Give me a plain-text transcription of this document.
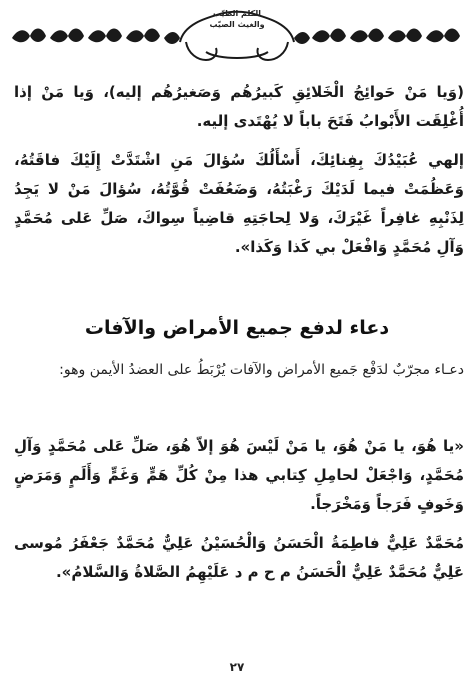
الكلم الطيّب
والغيث الصيّب

(وَيا مَنْ حَوائِجُ الْخَلائِقِ كَبيرُهُم وَصَغيرُهُم إليه)، وَيا مَنْ إذا أُغْلِقَت الأَبْوابُ فَتَحَ باباً لا يُهْتَدى إليه.

إلهي عُبَيْدُكَ بِفِنائِكَ، أَسْأَلُكَ سُؤالَ مَنِ اشْتَدَّتْ إِلَيْكَ فاقَتُهُ، وَعَظُمَتْ فيما لَدَيْكَ رَغْبَتُهُ، وَضَعُفَتْ قُوَّتُهُ، سُؤالَ مَنْ لا يَجِدُ لِذَنْبِهِ غافِراً غَيْرَكَ، وَلا لِحاجَتِهِ قاضِياً سِواكَ، صَلِّ عَلى مُحَمَّدٍ وَآلِ مُحَمَّدٍ وَافْعَلْ بي كَذا وَكَذا».

دعاء لدفع جميع الأمراض والآفات

دعـاء مجرّبٌ لدَفْع جَميع الأمراض والآفات يُرْبَطُ على العضدُ الأيمن وهو:

«يا هُوَ، يا مَنْ هُوَ، يا مَنْ لَيْسَ هُوَ إلاّ هُوَ، صَلِّ عَلى مُحَمَّدٍ وَآلِ مُحَمَّدٍ، وَاجْعَلْ لحامِلِ كِتابي هذا مِنْ كُلِّ هَمٍّ وَغَمٍّ وَأَلَمٍ وَمَرَضٍ وَخَوفٍ فَرَجاً وَمَخْرَجاً.

مُحَمَّدٌ عَلِيٌّ فاطِمَةُ الْحَسَنُ وَالْحُسَيْنُ عَلِيٌّ مُحَمَّدٌ جَعْفَرُ مُوسى عَلِيٌّ مُحَمَّدٌ عَلِيٌّ الْحَسَنُ م ح م د عَلَيْهِمُ الصَّلاةُ وَالسَّلامُ».

٢٧
